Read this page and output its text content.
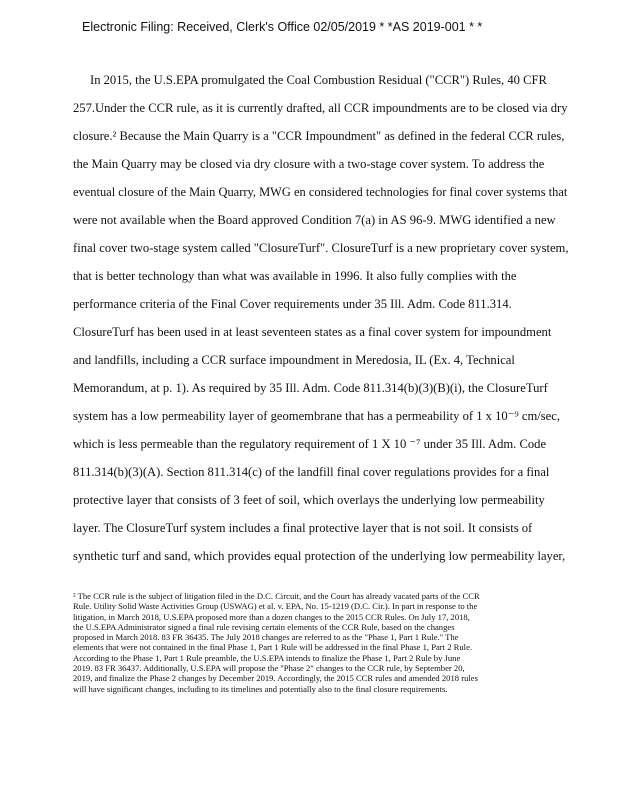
Electronic Filing: Received, Clerk's Office 02/05/2019 * *AS 2019-001 * *
In 2015, the U.S.EPA promulgated the Coal Combustion Residual ("CCR") Rules, 40 CFR
257.Under the CCR rule, as it is currently drafted, all CCR impoundments are to be closed via dry
closure.² Because the Main Quarry is a "CCR Impoundment" as defined in the federal CCR rules,
the Main Quarry may be closed via dry closure with a two-stage cover system. To address the
eventual closure of the Main Quarry, MWG en considered technologies for final cover systems that
were not available when the Board approved Condition 7(a) in AS 96-9. MWG identified a new
final cover two-stage system called "ClosureTurf". ClosureTurf is a new proprietary cover system,
that is better technology than what was available in 1996. It also fully complies with the
performance criteria of the Final Cover requirements under 35 Ill. Adm. Code 811.314.
ClosureTurf has been used in at least seventeen states as a final cover system for impoundment
and landfills, including a CCR surface impoundment in Meredosia, IL (Ex. 4, Technical
Memorandum, at p. 1). As required by 35 Ill. Adm. Code 811.314(b)(3)(B)(i), the ClosureTurf
system has a low permeability layer of geomembrane that has a permeability of 1 x 10⁻⁹ cm/sec,
which is less permeable than the regulatory requirement of 1 X 10 ⁻⁷ under 35 Ill. Adm. Code
811.314(b)(3)(A). Section 811.314(c) of the landfill final cover regulations provides for a final
protective layer that consists of 3 feet of soil, which overlays the underlying low permeability
layer. The ClosureTurf system includes a final protective layer that is not soil. It consists of
synthetic turf and sand, which provides equal protection of the underlying low permeability layer,
² The CCR rule is the subject of litigation filed in the D.C. Circuit, and the Court has already vacated parts of the CCR
Rule. Utility Solid Waste Activities Group (USWAG) et al. v. EPA, No. 15-1219 (D.C. Cir.). In part in response to the
litigation, in March 2018, U.S.EPA proposed more than a dozen changes to the 2015 CCR Rules. On July 17, 2018,
the U.S.EPA Administrator signed a final rule revising certain elements of the CCR Rule, based on the changes
proposed in March 2018. 83 FR 36435. The July 2018 changes are referred to as the "Phase 1, Part 1 Rule." The
elements that were not contained in the final Phase 1, Part 1 Rule will be addressed in the final Phase 1, Part 2 Rule.
According to the Phase 1, Part 1 Rule preamble, the U.S.EPA intends to finalize the Phase 1, Part 2 Rule by June
2019. 83 FR 36437. Additionally, U.S.EPA will propose the "Phase 2" changes to the CCR rule, by September 20,
2019, and finalize the Phase 2 changes by December 2019. Accordingly, the 2015 CCR rules and amended 2018 rules
will have significant changes, including to its timelines and potentially also to the final closure requirements.
